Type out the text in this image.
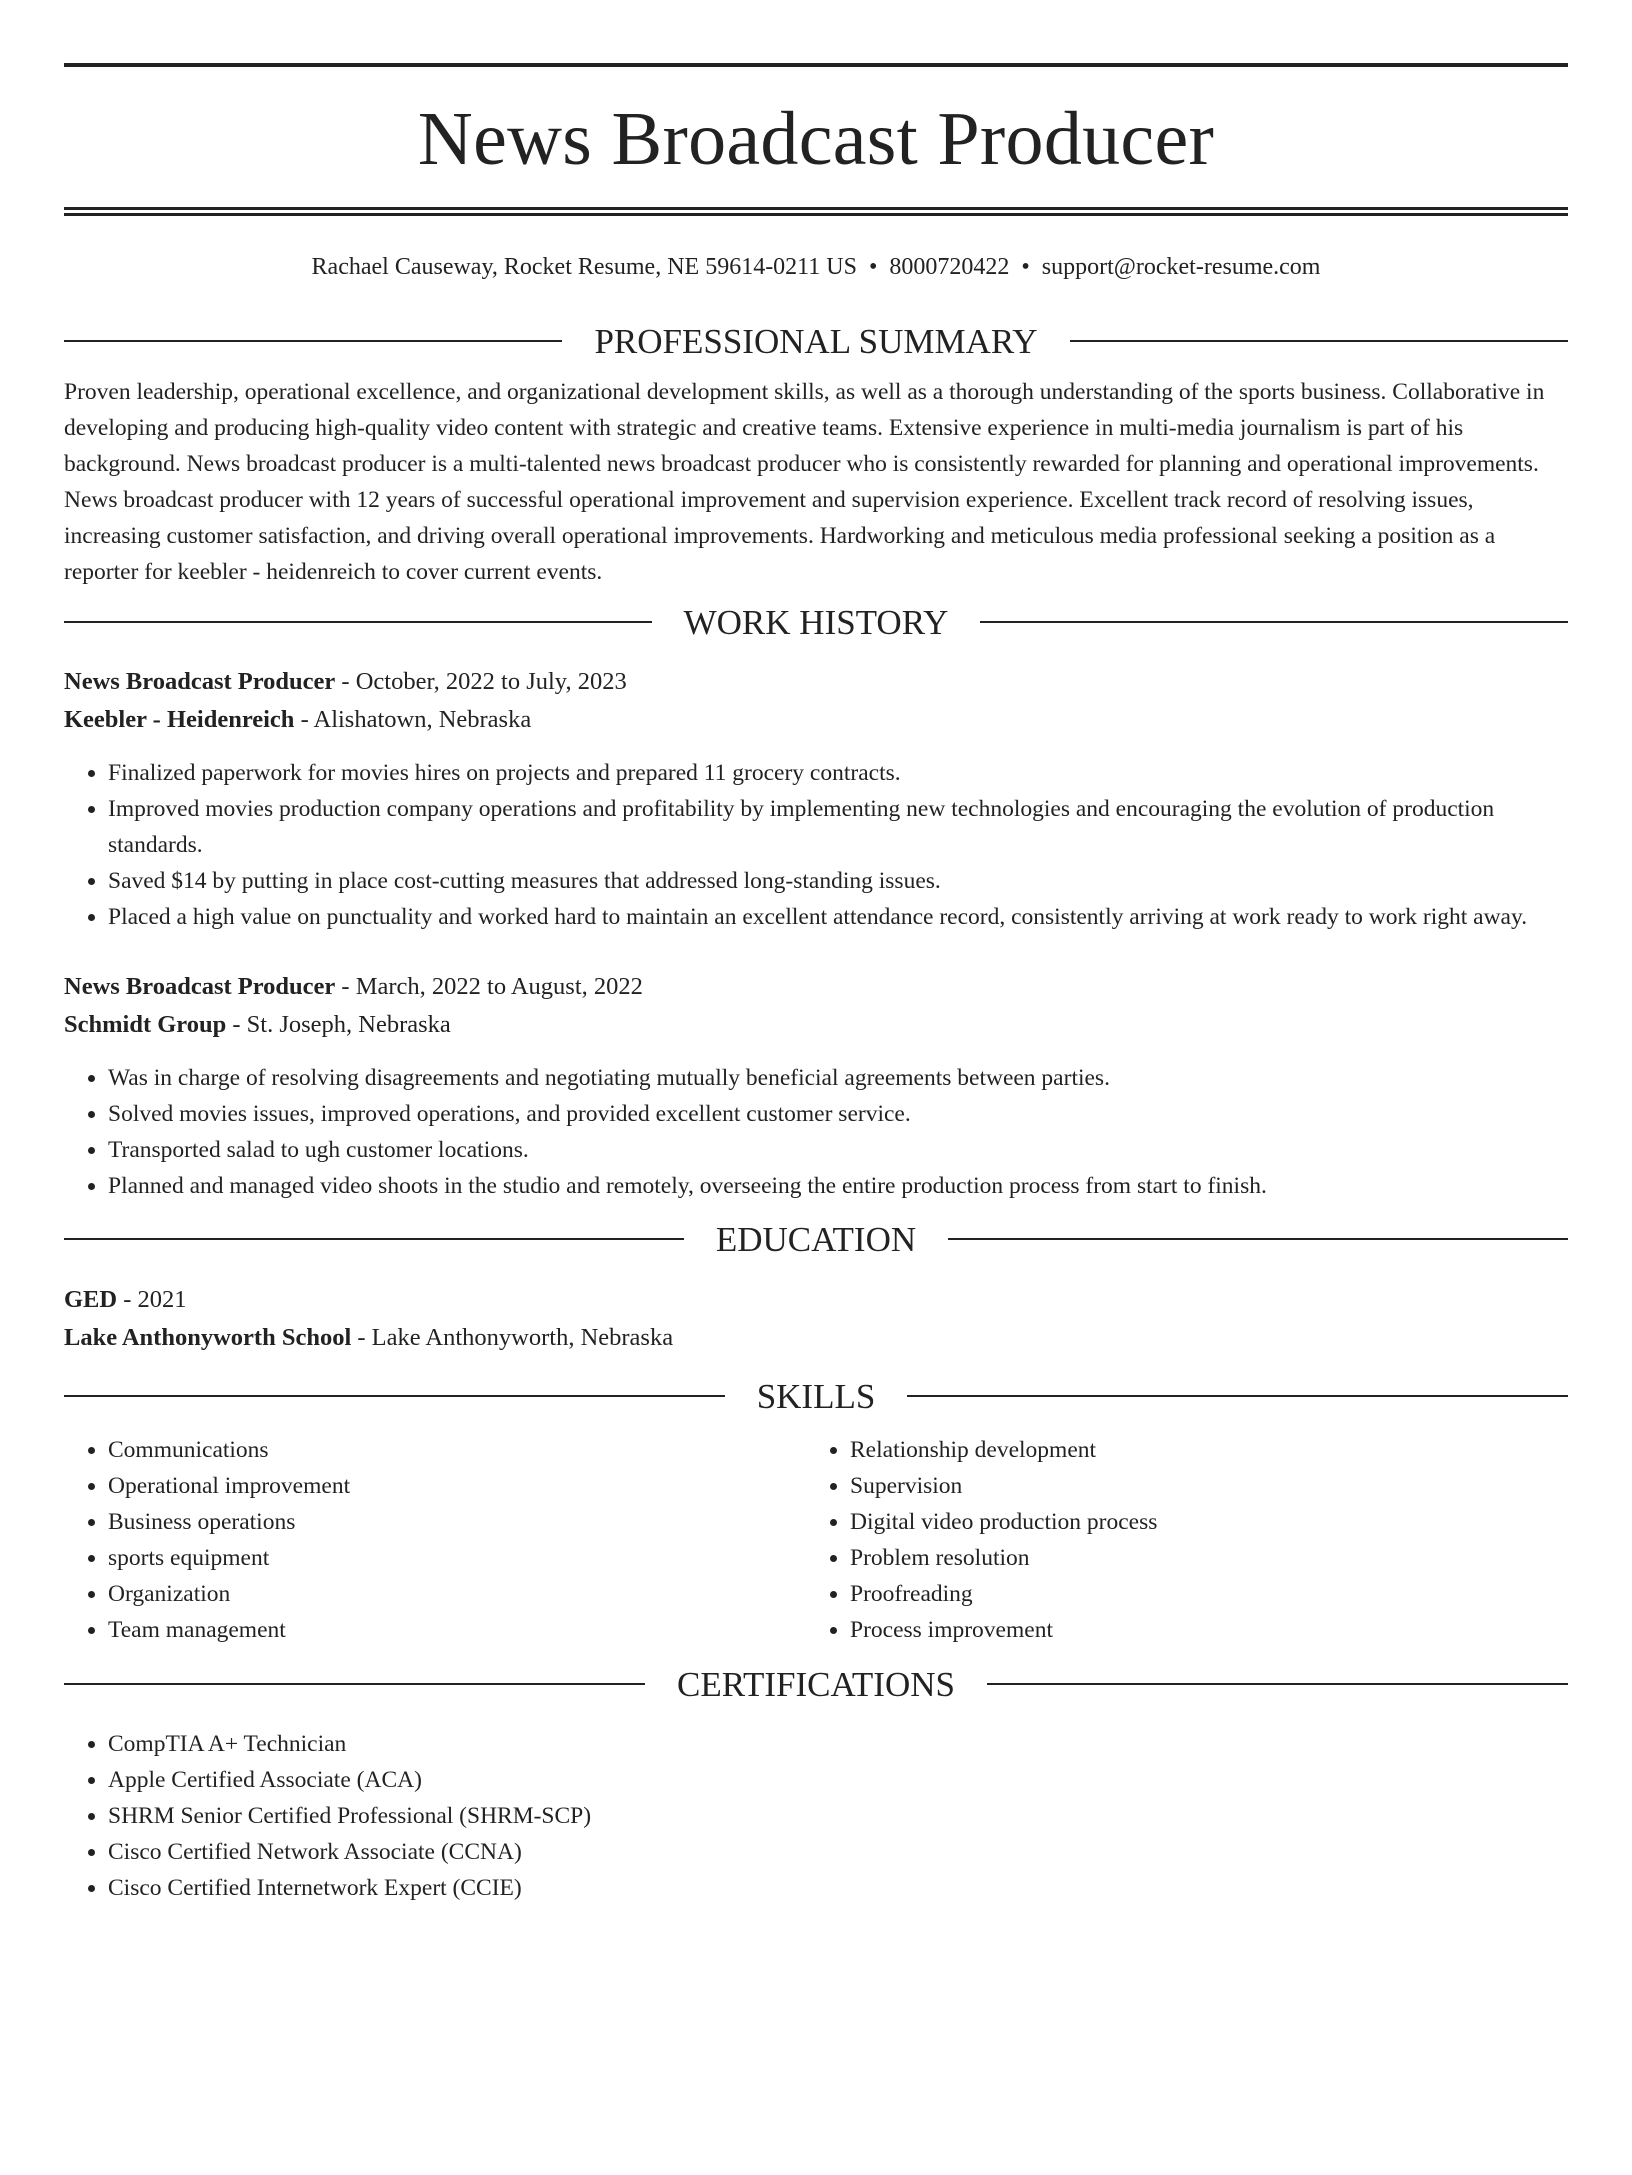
News Broadcast Producer
Rachael Causeway, Rocket Resume, NE 59614-0211 US • 8000720422 • support@rocket-resume.com
PROFESSIONAL SUMMARY

Proven leadership, operational excellence, and organizational development skills, as well as a thorough understanding of the sports business. Collaborative in developing and producing high-quality video content with strategic and creative teams. Extensive experience in multi-media journalism is part of his background. News broadcast producer is a multi-talented news broadcast producer who is consistently rewarded for planning and operational improvements. News broadcast producer with 12 years of successful operational improvement and supervision experience. Excellent track record of resolving issues, increasing customer satisfaction, and driving overall operational improvements. Hardworking and meticulous media professional seeking a position as a reporter for keebler - heidenreich to cover current events.

WORK HISTORY
News Broadcast Producer - October, 2022 to July, 2023
Keebler - Heidenreich - Alishatown, Nebraska
• Finalized paperwork for movies hires on projects and prepared 11 grocery contracts.
• Improved movies production company operations and profitability by implementing new technologies and encouraging the evolution of production standards.
• Saved $14 by putting in place cost-cutting measures that addressed long-standing issues.
• Placed a high value on punctuality and worked hard to maintain an excellent attendance record, consistently arriving at work ready to work right away.
News Broadcast Producer - March, 2022 to August, 2022
Schmidt Group - St. Joseph, Nebraska
• Was in charge of resolving disagreements and negotiating mutually beneficial agreements between parties.
• Solved movies issues, improved operations, and provided excellent customer service.
• Transported salad to ugh customer locations.
• Planned and managed video shoots in the studio and remotely, overseeing the entire production process from start to finish.
EDUCATION
GED - 2021
Lake Anthonyworth School - Lake Anthonyworth, Nebraska
SKILLS
• Communications
• Operational improvement
• Business operations
• sports equipment
• Organization
• Team management
• Relationship development
• Supervision
• Digital video production process
• Problem resolution
• Proofreading
• Process improvement
CERTIFICATIONS
• CompTIA A+ Technician
• Apple Certified Associate (ACA)
• SHRM Senior Certified Professional (SHRM-SCP)
• Cisco Certified Network Associate (CCNA)
• Cisco Certified Internetwork Expert (CCIE)
